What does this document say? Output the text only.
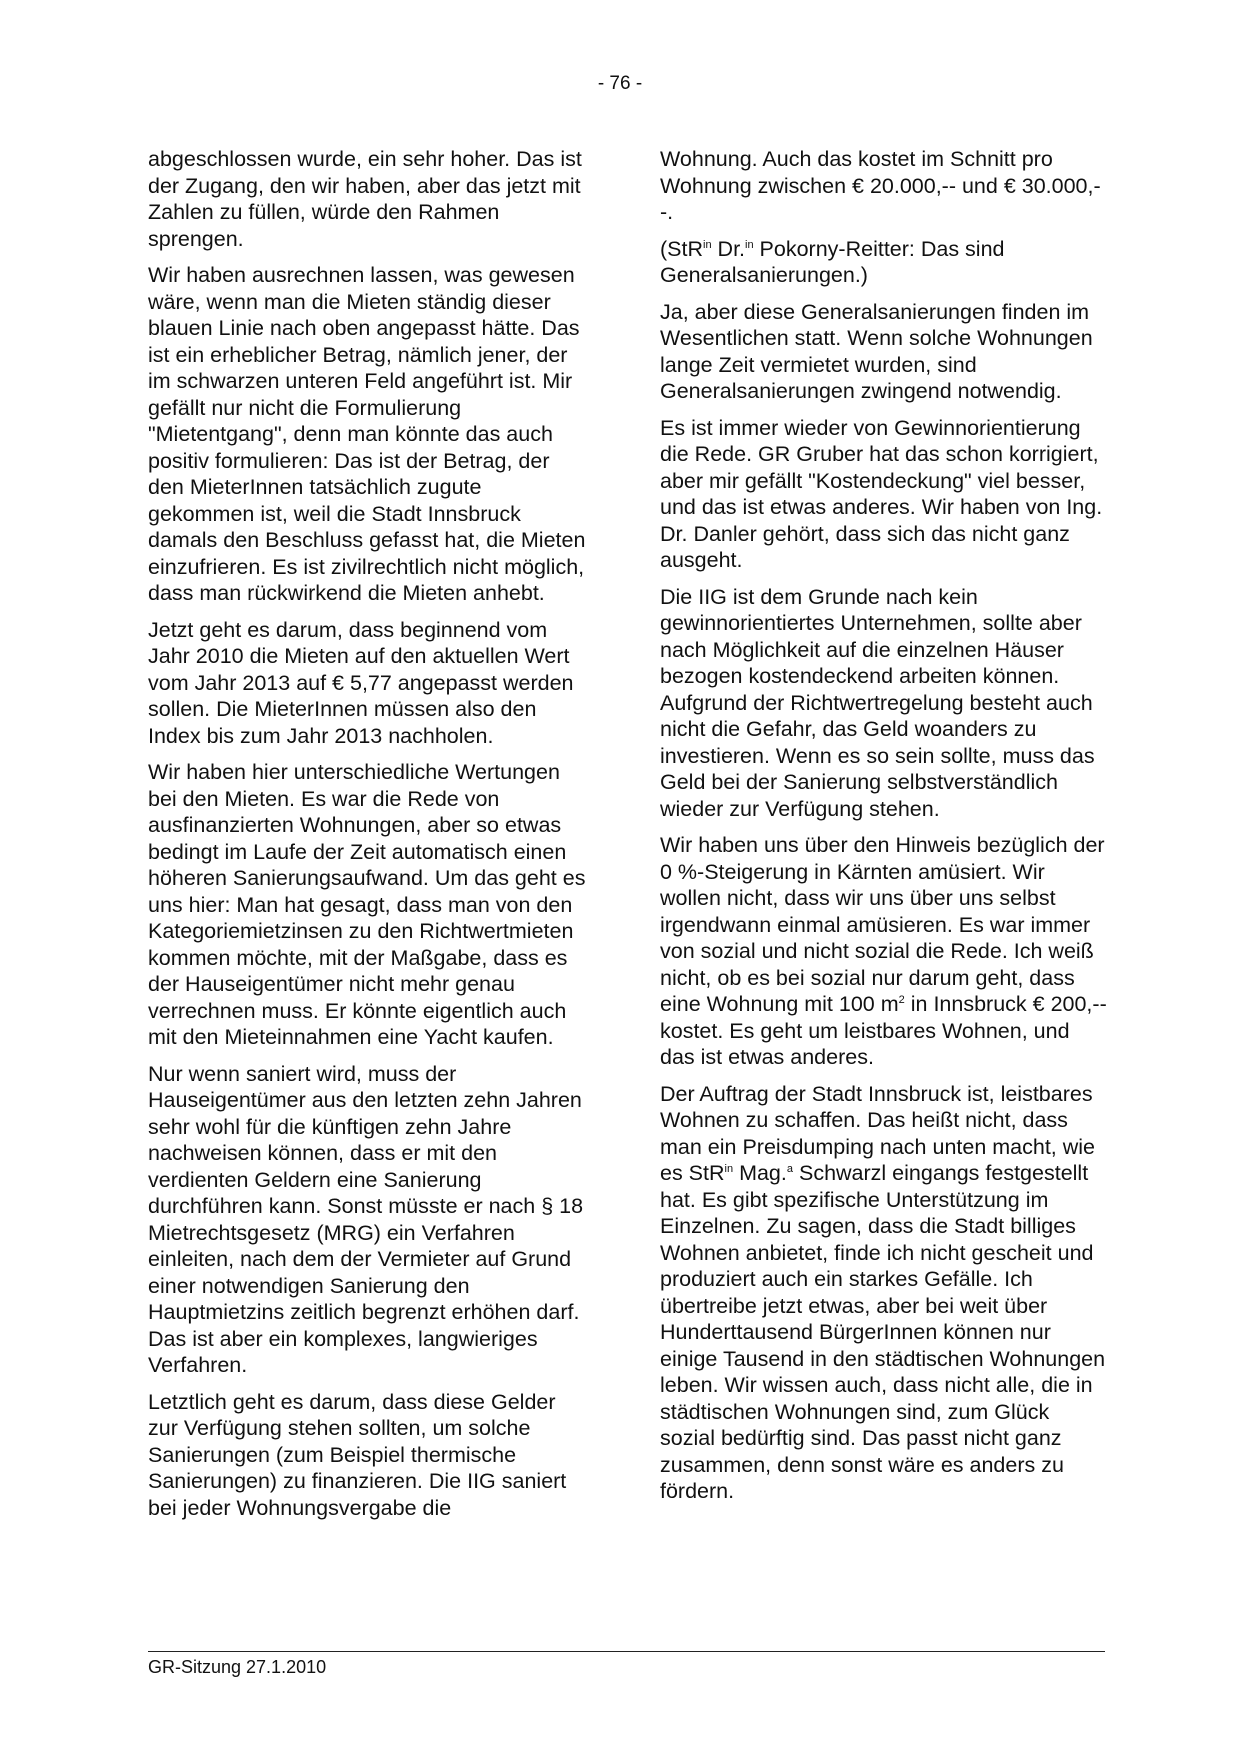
- 76 -

abgeschlossen wurde, ein sehr hoher. Das ist der Zugang, den wir haben, aber das jetzt mit Zahlen zu füllen, würde den Rahmen sprengen.

Wir haben ausrechnen lassen, was gewesen wäre, wenn man die Mieten ständig dieser blauen Linie nach oben angepasst hätte. Das ist ein erheblicher Betrag, nämlich jener, der im schwarzen unteren Feld angeführt ist. Mir gefällt nur nicht die Formulierung "Mietentgang", denn man könnte das auch positiv formulieren: Das ist der Betrag, der den MieterInnen tatsächlich zugute gekommen ist, weil die Stadt Innsbruck damals den Beschluss gefasst hat, die Mieten einzufrieren. Es ist zivilrechtlich nicht möglich, dass man rückwirkend die Mieten anhebt.

Jetzt geht es darum, dass beginnend vom Jahr 2010 die Mieten auf den aktuellen Wert vom Jahr 2013 auf € 5,77 angepasst werden sollen. Die MieterInnen müssen also den Index bis zum Jahr 2013 nachholen.

Wir haben hier unterschiedliche Wertungen bei den Mieten. Es war die Rede von ausfinanzierten Wohnungen, aber so etwas bedingt im Laufe der Zeit automatisch einen höheren Sanierungsaufwand. Um das geht es uns hier: Man hat gesagt, dass man von den Kategoriemietzinsen zu den Richtwertmieten kommen möchte, mit der Maßgabe, dass es der Hauseigentümer nicht mehr genau verrechnen muss. Er könnte eigentlich auch mit den Mieteinnahmen eine Yacht kaufen.

Nur wenn saniert wird, muss der Hauseigentümer aus den letzten zehn Jahren sehr wohl für die künftigen zehn Jahre nachweisen können, dass er mit den verdienten Geldern eine Sanierung durchführen kann. Sonst müsste er nach § 18 Mietrechtsgesetz (MRG) ein Verfahren einleiten, nach dem der Vermieter auf Grund einer notwendigen Sanierung den Hauptmietzins zeitlich begrenzt erhöhen darf. Das ist aber ein komplexes, langwieriges Verfahren.

Letztlich geht es darum, dass diese Gelder zur Verfügung stehen sollten, um solche Sanierungen (zum Beispiel thermische Sanierungen) zu finanzieren. Die IIG saniert bei jeder Wohnungsvergabe die

Wohnung. Auch das kostet im Schnitt pro Wohnung zwischen € 20.000,-- und € 30.000,--.

(StR$^{in}$ Dr.$^{in}$ Pokorny-Reitter: Das sind Generalsanierungen.)

Ja, aber diese Generalsanierungen finden im Wesentlichen statt. Wenn solche Wohnungen lange Zeit vermietet wurden, sind Generalsanierungen zwingend notwendig.

Es ist immer wieder von Gewinnorientierung die Rede. GR Gruber hat das schon korrigiert, aber mir gefällt "Kostendeckung" viel besser, und das ist etwas anderes. Wir haben von Ing. Dr. Danler gehört, dass sich das nicht ganz ausgeht.

Die IIG ist dem Grunde nach kein gewinnorientiertes Unternehmen, sollte aber nach Möglichkeit auf die einzelnen Häuser bezogen kostendeckend arbeiten können. Aufgrund der Richtwertregelung besteht auch nicht die Gefahr, das Geld woanders zu investieren. Wenn es so sein sollte, muss das Geld bei der Sanierung selbstverständlich wieder zur Verfügung stehen.

Wir haben uns über den Hinweis bezüglich der 0 %-Steigerung in Kärnten amüsiert. Wir wollen nicht, dass wir uns über uns selbst irgendwann einmal amüsieren. Es war immer von sozial und nicht sozial die Rede. Ich weiß nicht, ob es bei sozial nur darum geht, dass eine Wohnung mit 100 $m^2$ in Innsbruck € 200,-- kostet. Es geht um leistbares Wohnen, und das ist etwas anderes.

Der Auftrag der Stadt Innsbruck ist, leistbares Wohnen zu schaffen. Das heißt nicht, dass man ein Preisdumping nach unten macht, wie es StR$^{in}$ Mag.$^a$ Schwarzl eingangs festgestellt hat. Es gibt spezifische Unterstützung im Einzelnen. Zu sagen, dass die Stadt billiges Wohnen anbietet, finde ich nicht gescheit und produziert auch ein starkes Gefälle. Ich übertreibe jetzt etwas, aber bei weit über Hunderttausend BürgerInnen können nur einige Tausend in den städtischen Wohnungen leben. Wir wissen auch, dass nicht alle, die in städtischen Wohnungen sind, zum Glück sozial bedürftig sind. Das passt nicht ganz zusammen, denn sonst wäre es anders zu fördern.

GR-Sitzung 27.1.2010
